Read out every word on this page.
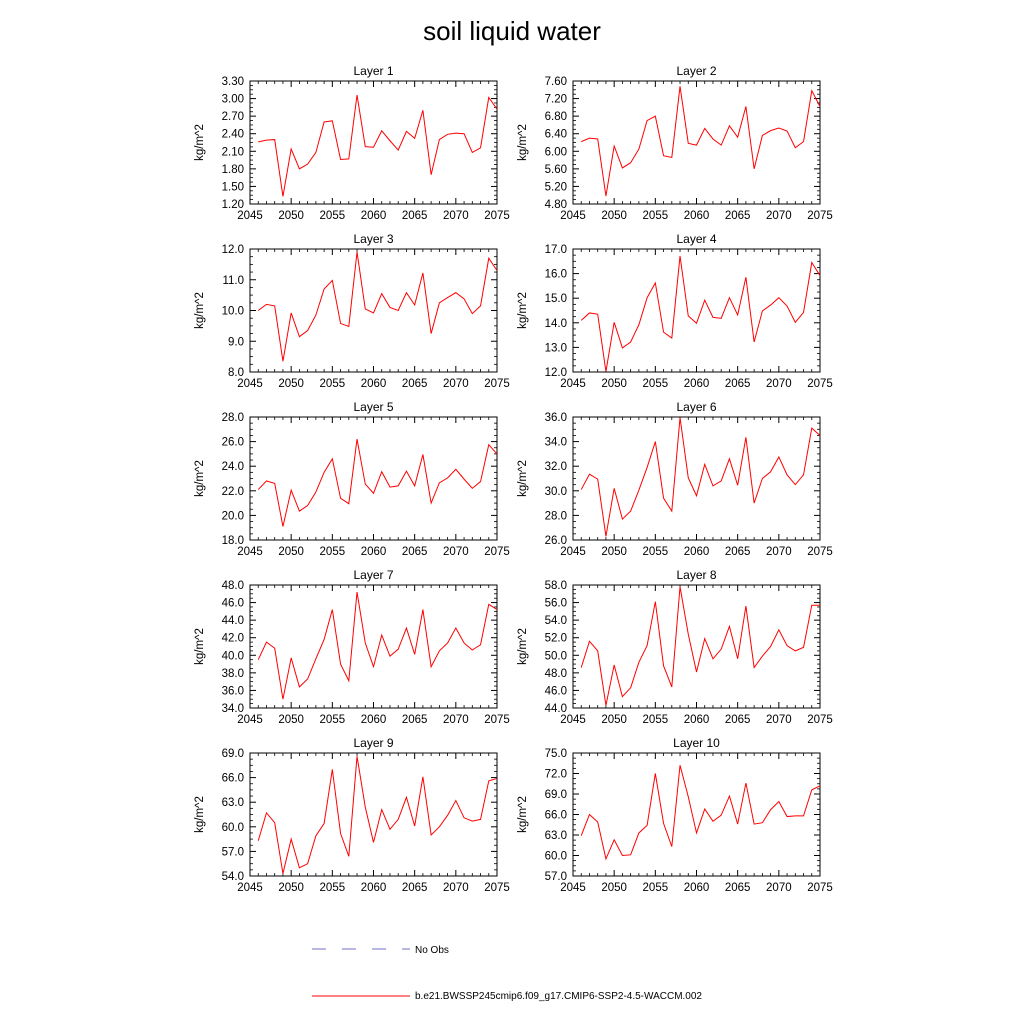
soil liquid water
Layer 1
2045 2050 2055 2060 2065 2070 2075
1.20
1.50
1.80
2.10
2.40
2.70
3.00
3.30
kg/m^2
Layer 2
2045 2050 2055 2060 2065 2070 2075
4.80
5.20
5.60
6.00
6.40
6.80
7.20
7.60
kg/m^2
Layer 3
2045 2050 2055 2060 2065 2070 2075
8.0
9.0
10.0
11.0
12.0
kg/m^2
Layer 4
2045 2050 2055 2060 2065 2070 2075
12.0
13.0
14.0
15.0
16.0
17.0
kg/m^2
Layer 5
2045 2050 2055 2060 2065 2070 2075
18.0
20.0
22.0
24.0
26.0
28.0
kg/m^2
Layer 6
2045 2050 2055 2060 2065 2070 2075
26.0
28.0
30.0
32.0
34.0
36.0
kg/m^2
Layer 7
2045 2050 2055 2060 2065 2070 2075
34.0
36.0
38.0
40.0
42.0
44.0
46.0
48.0
kg/m^2
Layer 8
2045 2050 2055 2060 2065 2070 2075
44.0
46.0
48.0
50.0
52.0
54.0
56.0
58.0
kg/m^2
Layer 9
2045 2050 2055 2060 2065 2070 2075
54.0
57.0
60.0
63.0
66.0
69.0
kg/m^2
Layer 10
2045 2050 2055 2060 2065 2070 2075
57.0
60.0
63.0
66.0
69.0
72.0
75.0
kg/m^2
No Obs
b.e21.BWSSP245cmip6.f09_g17.CMIP6-SSP2-4.5-WACCM.002
